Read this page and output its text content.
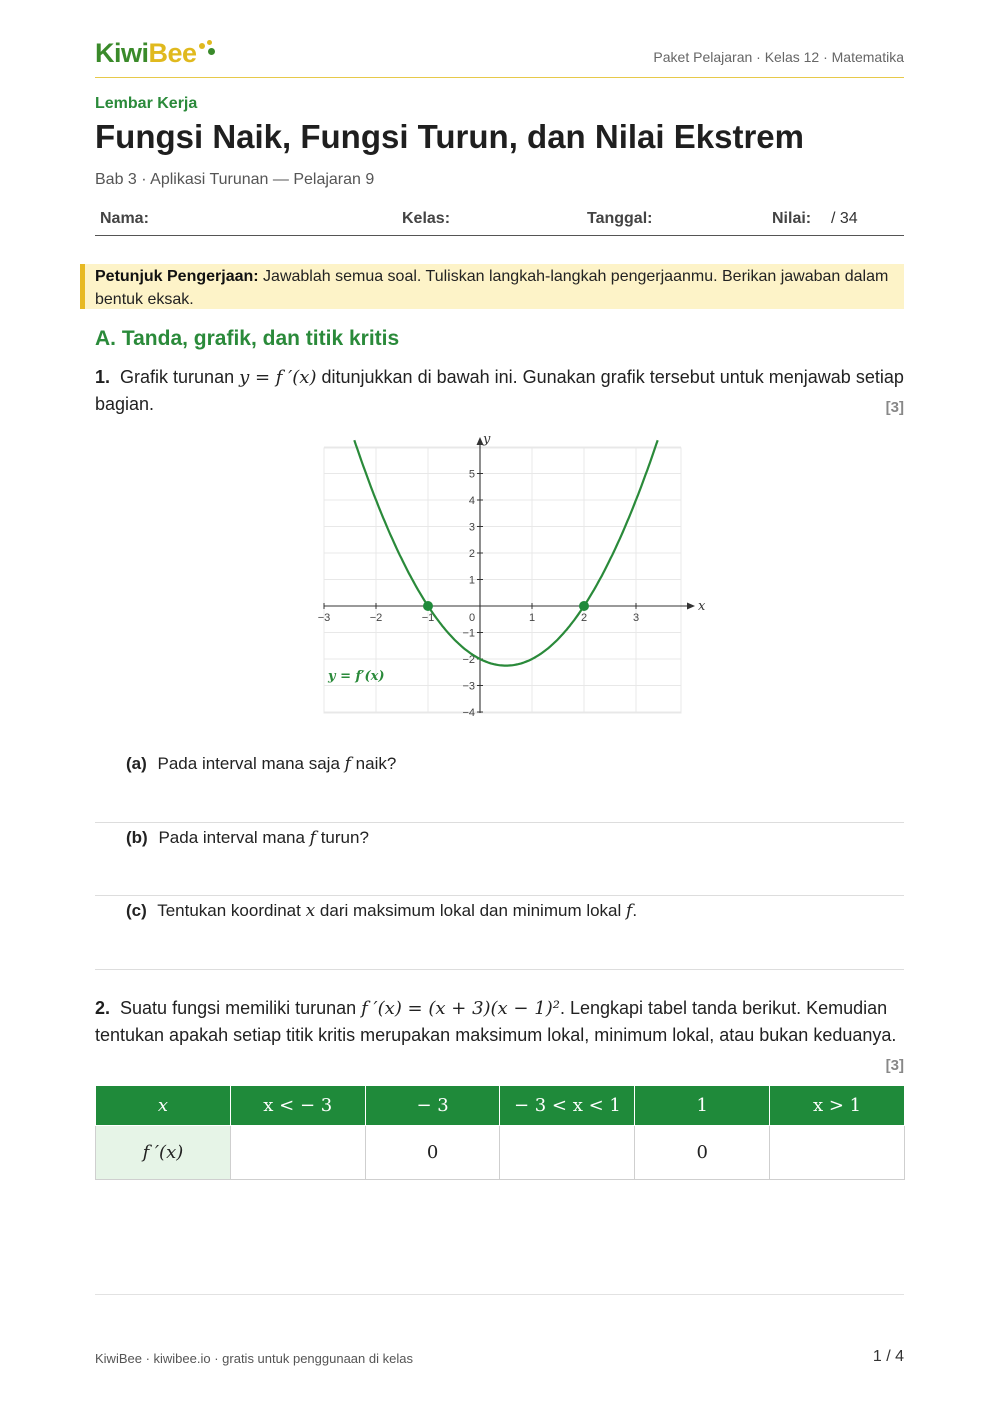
KiwiBee	Paket Pelajaran · Kelas 12 · Matematika
Lembar Kerja
Fungsi Naik, Fungsi Turun, dan Nilai Ekstrem
Bab 3 · Aplikasi Turunan — Pelajaran 9
Nama:	Kelas:	Tanggal:	Nilai: / 34
Petunjuk Pengerjaan: Jawablah semua soal. Tuliskan langkah-langkah pengerjaanmu. Berikan jawaban dalam bentuk eksak.
A. Tanda, grafik, dan titik kritis
1. Grafik turunan y = f ′(x) ditunjukkan di bawah ini. Gunakan grafik tersebut untuk menjawab setiap bagian.	[3]
−3	−2	−1	0	1	2	3
5
4
3
2
1
−1
−2
−3
−4
x
y
y = f′(x)
(a) Pada interval mana saja f naik?
(b) Pada interval mana f turun?
(c) Tentukan koordinat x dari maksimum lokal dan minimum lokal f.
2. Suatu fungsi memiliki turunan f ′(x) = (x + 3)(x − 1)². Lengkapi tabel tanda berikut. Kemudian tentukan apakah setiap titik kritis merupakan maksimum lokal, minimum lokal, atau bukan keduanya.
[3]
x	x < − 3	− 3	− 3 < x < 1	1	x > 1
f ′(x)		0		0	
KiwiBee · kiwibee.io · gratis untuk penggunaan di kelas	1 / 4
